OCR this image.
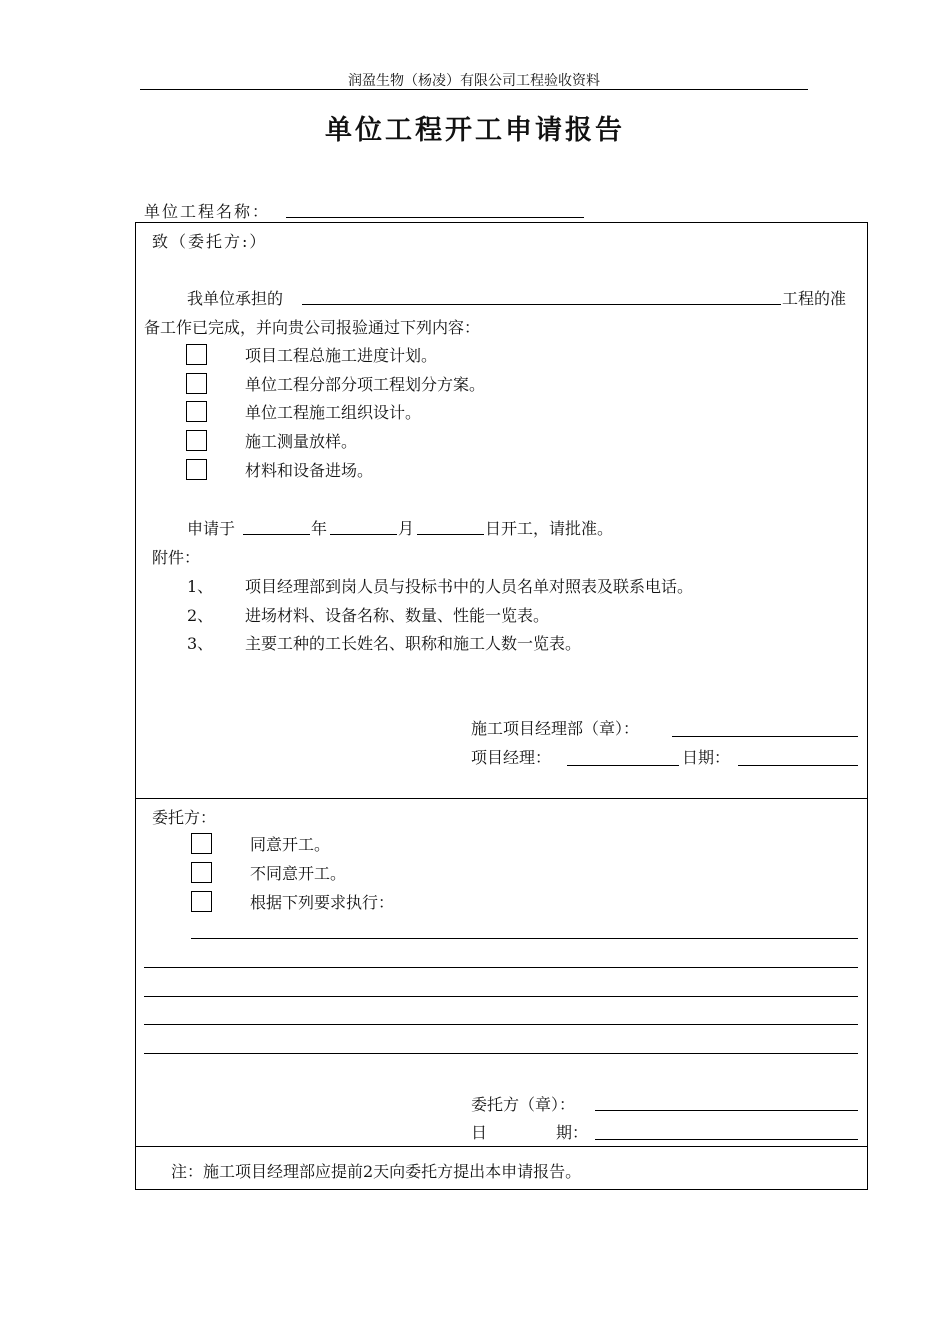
润盈生物（杨凌）有限公司工程验收资料
单位工程开工申请报告
单位工程名称：
致（委托方:）
我单位承担的	工程的准
备工作已完成，并向贵公司报验通过下列内容：
项目工程总施工进度计划。
单位工程分部分项工程划分方案。
单位工程施工组织设计。
施工测量放样。
材料和设备进场。
申请于	年	月	日开工，请批准。
附件：
1、 项目经理部到岗人员与投标书中的人员名单对照表及联系电话。
2、 进场材料、设备名称、数量、性能一览表。
3、 主要工种的工长姓名、职称和施工人数一览表。
施工项目经理部（章）：
项目经理：	日期：
委托方：
同意开工。
不同意开工。
根据下列要求执行：
委托方（章）：
日	期：
注：施工项目经理部应提前2天向委托方提出本申请报告。
